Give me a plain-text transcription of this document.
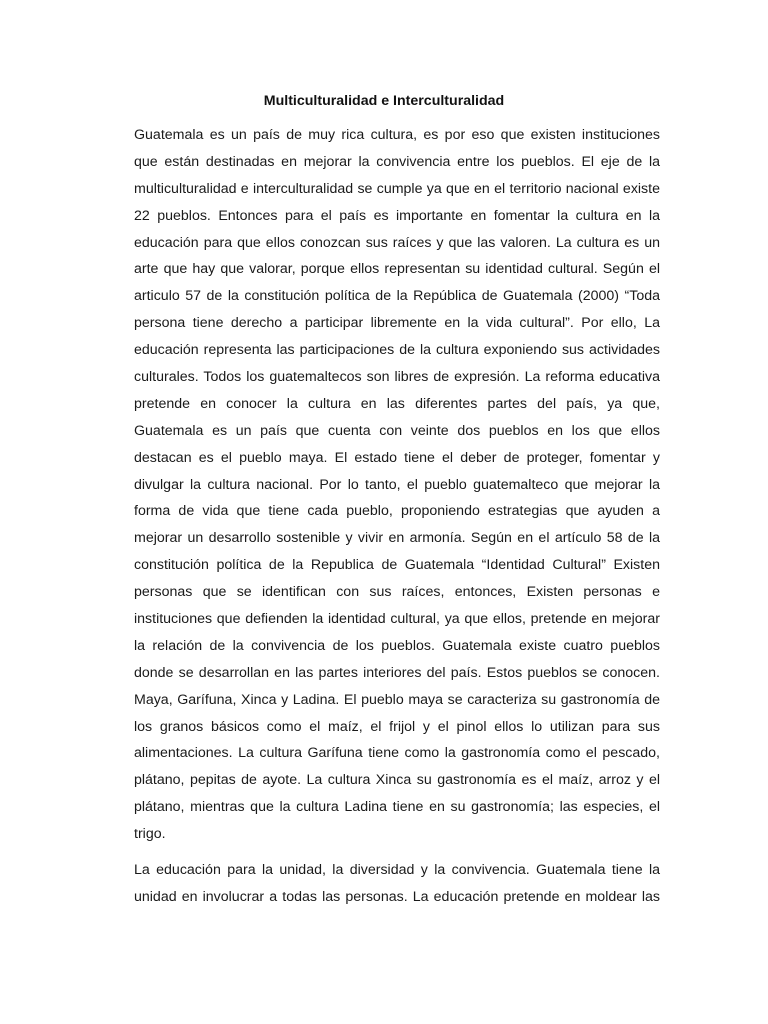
Multiculturalidad e Interculturalidad
Guatemala es un país de muy rica cultura, es por eso que existen instituciones
que están destinadas en mejorar la convivencia entre los pueblos. El eje de la
multiculturalidad e interculturalidad se cumple ya que en el territorio nacional existe
22 pueblos. Entonces para el país es importante en fomentar la cultura en la
educación para que ellos conozcan sus raíces y que las valoren. La cultura es un
arte que hay que valorar, porque ellos representan su identidad cultural. Según el
articulo 57 de la constitución política de la República de Guatemala (2000) “Toda
persona tiene derecho a participar libremente en la vida cultural”. Por ello, La
educación representa las participaciones de la cultura exponiendo sus actividades
culturales. Todos los guatemaltecos son libres de expresión. La reforma educativa
pretende en conocer la cultura en las diferentes partes del país, ya que,
Guatemala es un país que cuenta con veinte dos pueblos en los que ellos
destacan es el pueblo maya. El estado tiene el deber de proteger, fomentar y
divulgar la cultura nacional. Por lo tanto, el pueblo guatemalteco que mejorar la
forma de vida que tiene cada pueblo, proponiendo estrategias que ayuden a
mejorar un desarrollo sostenible y vivir en armonía. Según en el artículo 58 de la
constitución política de la Republica de Guatemala “Identidad Cultural” Existen
personas que se identifican con sus raíces, entonces, Existen personas e
instituciones que defienden la identidad cultural, ya que ellos, pretende en mejorar
la relación de la convivencia de los pueblos. Guatemala existe cuatro pueblos
donde se desarrollan en las partes interiores del país. Estos pueblos se conocen.
Maya, Garífuna, Xinca y Ladina. El pueblo maya se caracteriza su gastronomía de
los granos básicos como el maíz, el frijol y el pinol ellos lo utilizan para sus
alimentaciones. La cultura Garífuna tiene como la gastronomía como el pescado,
plátano, pepitas de ayote. La cultura Xinca su gastronomía es el maíz, arroz y el
plátano, mientras que la cultura Ladina tiene en su gastronomía; las especies, el
trigo.
La educación para la unidad, la diversidad y la convivencia. Guatemala tiene la
unidad en involucrar a todas las personas. La educación pretende en moldear las
